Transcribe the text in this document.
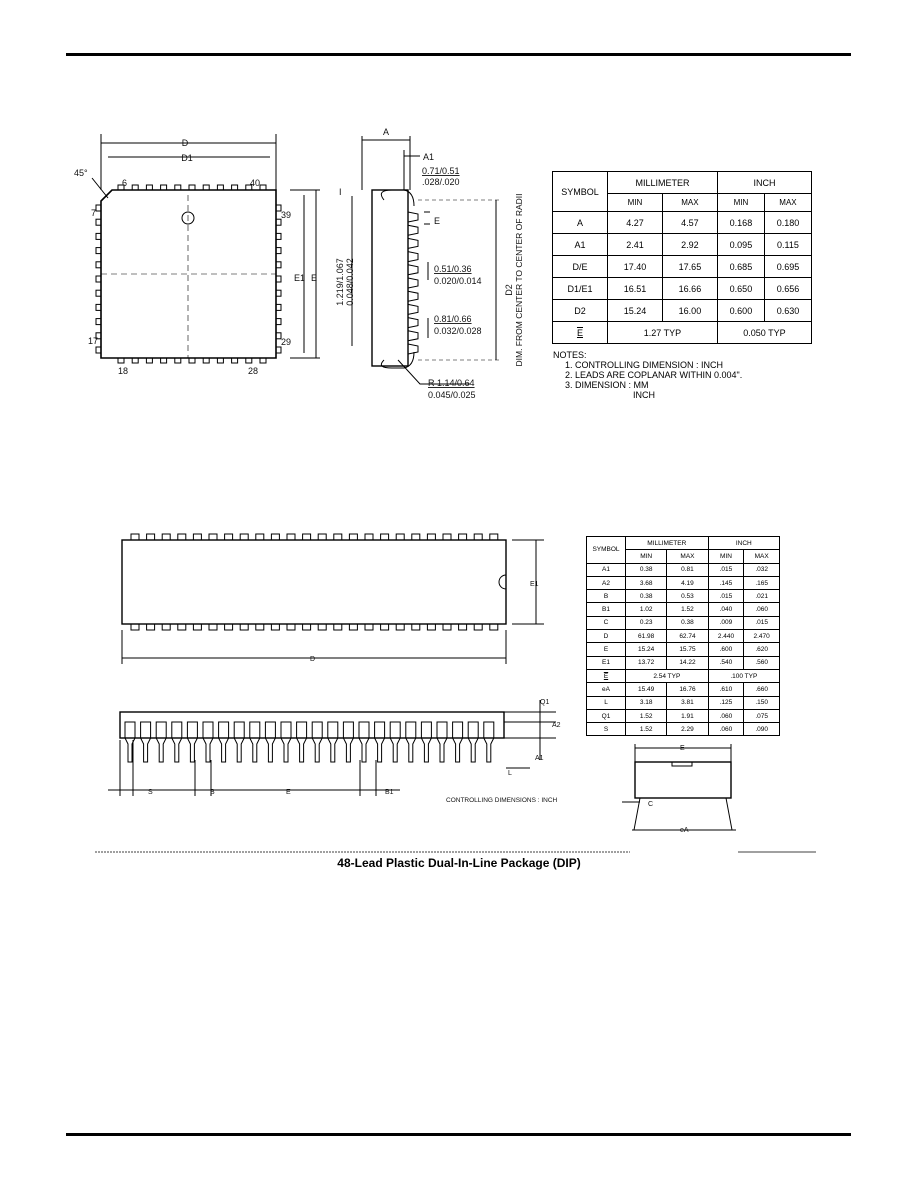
D
D1
E1 E
45°
6
7
40
39
29
28
18
17
A
A1
0.71/0.51
.028/.020
E
0.51/0.36
0.020/0.014
0.81/0.66
0.032/0.028
R 1.14/0.64
0.045/0.025
I
1.219/1.067 0.048/0.042	D2 DIM. FROM CENTER TO CENTER OF RADII
E1
D
Q1
A2
A1
L
S	B	E	B1
CONTROLLING DIMENSIONS : INCH
E
C
eA
SYMBOL	MILLIMETER		INCH	
	MIN	MAX	MIN	MAX
A	4.27	4.57	0.168	0.180
A1	2.41	2.92	0.095	0.115
D/E	17.40	17.65	0.685	0.695
D1/E1	16.51	16.66	0.650	0.656
D2	15.24	16.00	0.600	0.630
E	1.27 TYP		0.050 TYP	
NOTES:
1. CONTROLLING DIMENSION : INCH
2. LEADS ARE COPLANAR WITHIN 0.004".
3. DIMENSION : MM
INCH
SYMBOL	MILLIMETER		INCH	
	MIN	MAX	MIN	MAX
A1	0.38	0.81	.015	.032
A2	3.68	4.19	.145	.165
B	0.38	0.53	.015	.021
B1	1.02	1.52	.040	.060
C	0.23	0.38	.009	.015
D	61.98	62.74	2.440	2.470
E	15.24	15.75	.600	.620
E1	13.72	14.22	.540	.560
E	2.54 TYP		.100 TYP	
eA	15.49	16.76	.610	.660
L	3.18	3.81	.125	.150
Q1	1.52	1.91	.060	.075
S	1.52	2.29	.060	.090
48-Lead Plastic Dual-In-Line Package (DIP)
